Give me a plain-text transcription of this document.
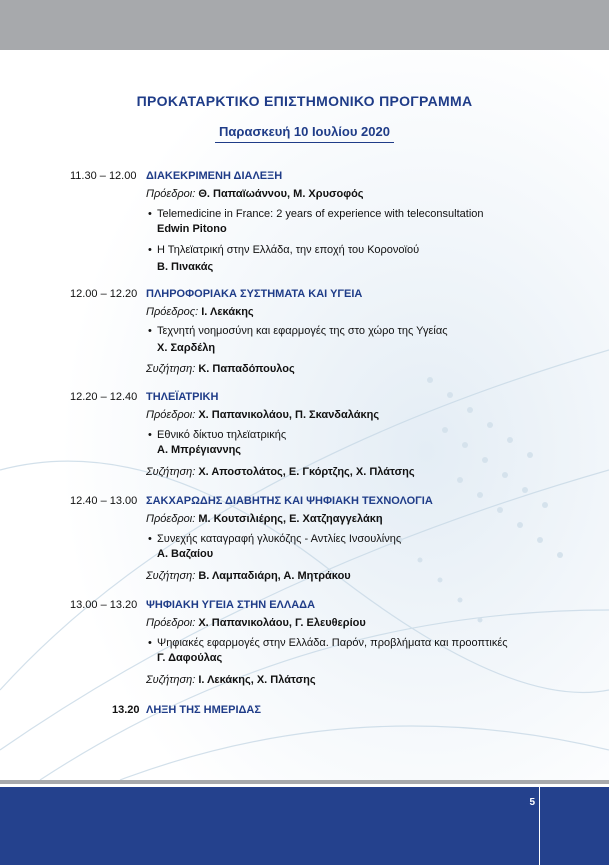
ΠΡΟΚΑΤΑΡΚΤΙΚΟ ΕΠΙΣΤΗΜΟΝΙΚΟ ΠΡΟΓΡΑΜΜΑ
Παρασκευή 10 Ιουλίου 2020
11.30 – 12.00 ΔΙΑΚΕΚΡΙΜΕΝΗ ΔΙΑΛΕΞΗ
Πρόεδροι: Θ. Παπαϊωάννου, Μ. Χρυσοφός
• Telemedicine in France: 2 years of experience with teleconsultation
Edwin Pitono
• Η Τηλεϊατρική στην Ελλάδα, την εποχή του Κορονοϊού
Β. Πινακάς
12.00 – 12.20 ΠΛΗΡΟΦΟΡΙΑΚΑ ΣΥΣΤΗΜΑΤΑ ΚΑΙ ΥΓΕΙΑ
Πρόεδρος: Ι. Λεκάκης
• Τεχνητή νοημοσύνη και εφαρμογές της στο χώρο της Υγείας
Χ. Σαρδέλη
Συζήτηση: Κ. Παπαδόπουλος
12.20 – 12.40 ΤΗΛΕΪΑΤΡΙΚΗ
Πρόεδροι: Χ. Παπανικολάου, Π. Σκανδαλάκης
• Εθνικό δίκτυο τηλεϊατρικής
Α. Μπρέγιαννης
Συζήτηση: Χ. Αποστολάτος, Ε. Γκόρτζης, Χ. Πλάτσης
12.40 – 13.00 ΣΑΚΧΑΡΩΔΗΣ ΔΙΑΒΗΤΗΣ ΚΑΙ ΨΗΦΙΑΚΗ ΤΕΧΝΟΛΟΓΙΑ
Πρόεδροι: Μ. Κουτσιλιέρης, Ε. Χατζηαγγελάκη
• Συνεχής καταγραφή γλυκόζης - Αντλίες Ινσουλίνης
Α. Βαζαίου
Συζήτηση: Β. Λαμπαδιάρη, Α. Μητράκου
13.00 – 13.20 ΨΗΦΙΑΚΗ ΥΓΕΙΑ ΣΤΗΝ ΕΛΛΑΔΑ
Πρόεδροι: Χ. Παπανικολάου, Γ. Ελευθερίου
• Ψηφιακές εφαρμογές στην Ελλάδα. Παρόν, προβλήματα και προοπτικές
Γ. Δαφούλας
Συζήτηση: Ι. Λεκάκης, Χ. Πλάτσης
13.20 ΛΗΞΗ ΤΗΣ ΗΜΕΡΙΔΑΣ
5
